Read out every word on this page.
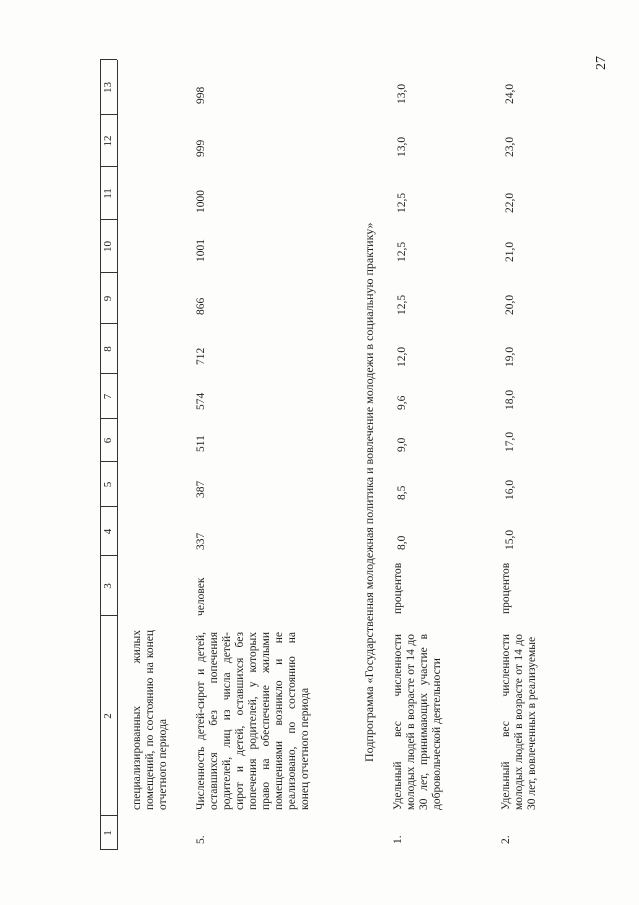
27
1
2
3
4
5
6
7
8
9
10
11
12
13
специализированных жилых помещений, по состоянию на конец отчетного периода
5.
Численность детей-сирот и детей, оставшихся без попечения родителей, лиц из числа детей-сирот и детей, оставшихся без попечения родителей, у которых право на обеспечение жилыми помещениями возникло и не реализовано, по состоянию на конец отчетного периода
человек
337
387
511
574
712
866
1001
1000
999
998
Подпрограмма «Государственная молодежная политика и вовлечение молодежи в социальную практику»
1.
Удельный вес численности молодых людей в возрасте от 14 до 30 лет, принимающих участие в добровольческой деятельности
процентов
8,0
8,5
9,0
9,6
12,0
12,5
12,5
12,5
13,0
13,0
2.
Удельный вес численности молодых людей в возрасте от 14 до 30 лет, вовлеченных в реализуемые
процентов
15,0
16,0
17,0
18,0
19,0
20,0
21,0
22,0
23,0
24,0
